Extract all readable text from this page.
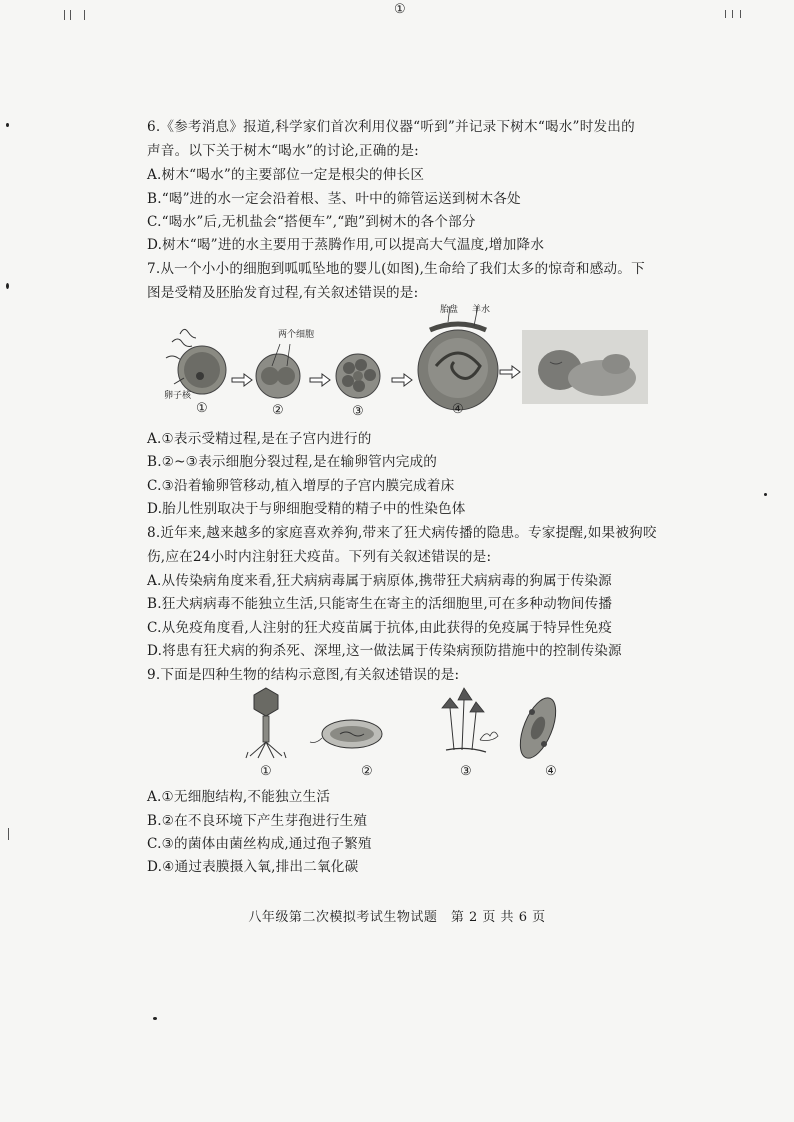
①
6.《参考消息》报道,科学家们首次利用仪器“听到”并记录下树木“喝水”时发出的
声音。以下关于树木“喝水”的讨论,正确的是:
A.树木“喝水”的主要部位一定是根尖的伸长区
B.“喝”进的水一定会沿着根、茎、叶中的筛管运送到树木各处
C.“喝水”后,无机盐会“搭便车”,“跑”到树木的各个部分
D.树木“喝”进的水主要用于蒸腾作用,可以提高大气温度,增加降水
7.从一个小小的细胞到呱呱坠地的婴儿(如图),生命给了我们太多的惊奇和感动。下
图是受精及胚胎发育过程,有关叙述错误的是:
两个细胞
卵子核
胎盘 羊水
①	②	③	④
A.①表示受精过程,是在子宫内进行的
B.②~③表示细胞分裂过程,是在输卵管内完成的
C.③沿着输卵管移动,植入增厚的子宫内膜完成着床
D.胎儿性别取决于与卵细胞受精的精子中的性染色体
8.近年来,越来越多的家庭喜欢养狗,带来了狂犬病传播的隐患。专家提醒,如果被狗咬
伤,应在24小时内注射狂犬疫苗。下列有关叙述错误的是:
A.从传染病角度来看,狂犬病病毒属于病原体,携带狂犬病病毒的狗属于传染源
B.狂犬病病毒不能独立生活,只能寄生在寄主的活细胞里,可在多种动物间传播
C.从免疫角度看,人注射的狂犬疫苗属于抗体,由此获得的免疫属于特异性免疫
D.将患有狂犬病的狗杀死、深埋,这一做法属于传染病预防措施中的控制传染源
9.下面是四种生物的结构示意图,有关叙述错误的是:
①	②	③	④
A.①无细胞结构,不能独立生活
B.②在不良环境下产生芽孢进行生殖
C.③的菌体由菌丝构成,通过孢子繁殖
D.④通过表膜摄入氧,排出二氧化碳
八年级第二次模拟考试生物试题　第 2 页 共 6 页
